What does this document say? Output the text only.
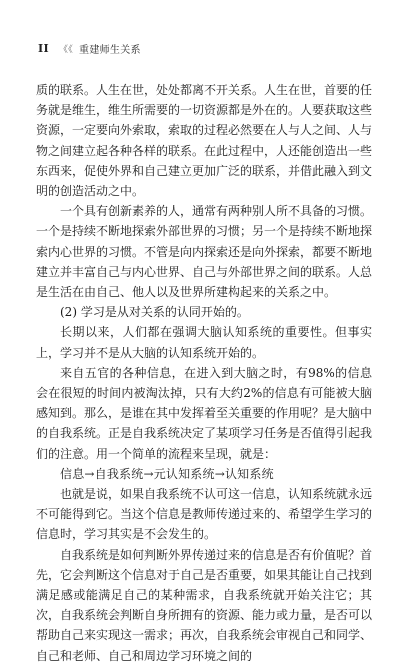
II 《《 重建师生关系

质的联系。人生在世，处处都离不开关系。人生在世，首要的任务就是维生，维生所需要的一切资源都是外在的。人要获取这些资源，一定要向外索取，索取的过程必然要在人与人之间、人与物之间建立起各种各样的联系。在此过程中，人还能创造出一些东西来，促使外界和自己建立更加广泛的联系，并借此融入到文明的创造活动之中。

一个具有创新素养的人，通常有两种别人所不具备的习惯。一个是持续不断地探索外部世界的习惯；另一个是持续不断地探索内心世界的习惯。不管是向内探索还是向外探索，都要不断地建立并丰富自己与内心世界、自己与外部世界之间的联系。人总是生活在由自己、他人以及世界所建构起来的关系之中。

(2) 学习是从对关系的认同开始的。

长期以来，人们都在强调大脑认知系统的重要性。但事实上，学习并不是从大脑的认知系统开始的。

来自五官的各种信息，在进入到大脑之时，有98%的信息会在很短的时间内被淘汰掉，只有大约2%的信息有可能被大脑感知到。那么，是谁在其中发挥着至关重要的作用呢？是大脑中的自我系统。正是自我系统决定了某项学习任务是否值得引起我们的注意。用一个简单的流程来呈现，就是：

信息→自我系统→元认知系统→认知系统

也就是说，如果自我系统不认可这一信息，认知系统就永远不可能得到它。当这个信息是教师传递过来的、希望学生学习的信息时，学习其实是不会发生的。

自我系统是如何判断外界传递过来的信息是否有价值呢？首先，它会判断这个信息对于自己是否重要，如果其能让自己找到满足感或能满足自己的某种需求，自我系统就开始关注它；其次，自我系统会判断自身所拥有的资源、能力或力量，是否可以帮助自己来实现这一需求；再次，自我系统会审视自己和同学、自己和老师、自己和周边学习环境之间的
